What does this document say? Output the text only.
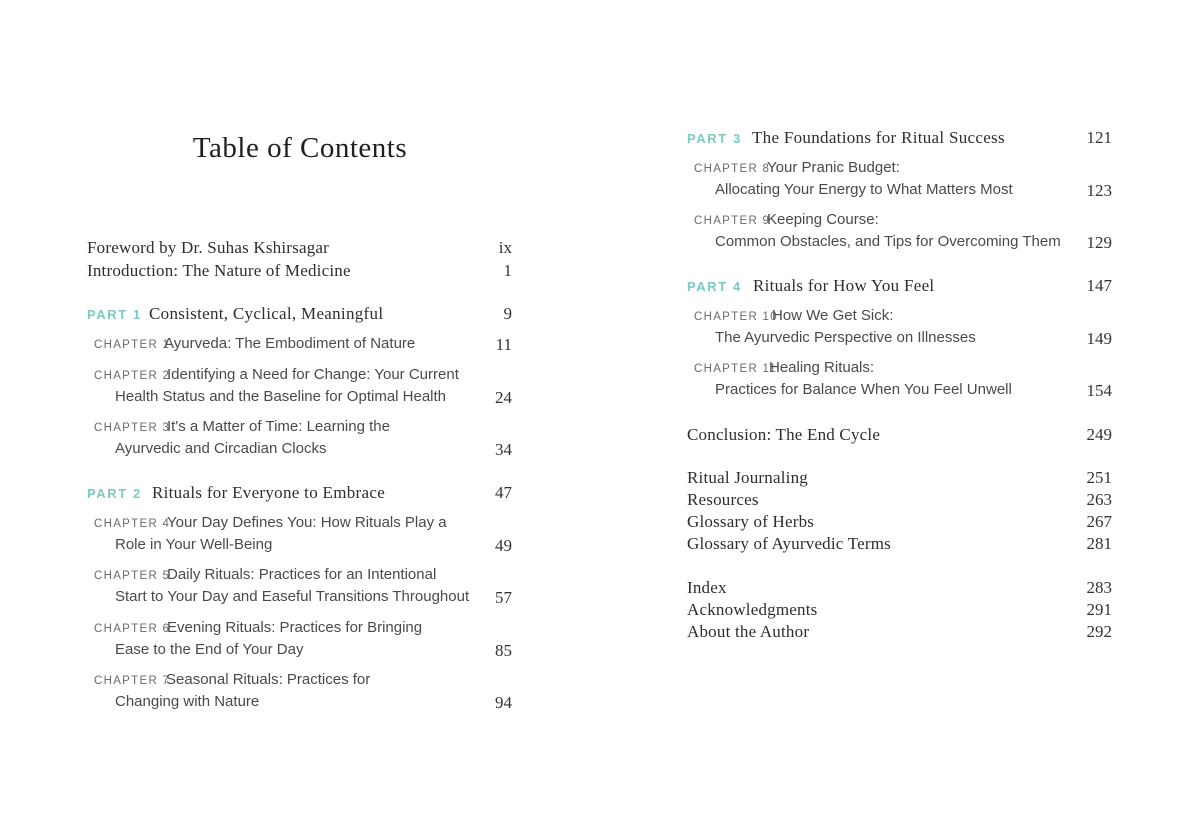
Table of Contents
Foreword by Dr. Suhas Kshirsagar	ix
Introduction: The Nature of Medicine	1
PART 1 Consistent, Cyclical, Meaningful	9
CHAPTER 1Ayurveda: The Embodiment of Nature	11
CHAPTER 2Identifying a Need for Change: Your Current
Health Status and the Baseline for Optimal Health	24
CHAPTER 3It's a Matter of Time: Learning the
Ayurvedic and Circadian Clocks	34
PART 2 Rituals for Everyone to Embrace	47
CHAPTER 4Your Day Defines You: How Rituals Play a
Role in Your Well-Being	49
CHAPTER 5Daily Rituals: Practices for an Intentional
Start to Your Day and Easeful Transitions Throughout	57
CHAPTER 6Evening Rituals: Practices for Bringing
Ease to the End of Your Day	85
CHAPTER 7Seasonal Rituals: Practices for
Changing with Nature	94
PART 3 The Foundations for Ritual Success	121
CHAPTER 8Your Pranic Budget:
Allocating Your Energy to What Matters Most	123
CHAPTER 9Keeping Course:
Common Obstacles, and Tips for Overcoming Them	129
PART 4 Rituals for How You Feel	147
CHAPTER 10How We Get Sick:
The Ayurvedic Perspective on Illnesses	149
CHAPTER 11Healing Rituals:
Practices for Balance When You Feel Unwell	154
Conclusion: The End Cycle	249
Ritual Journaling	251
Resources	263
Glossary of Herbs	267
Glossary of Ayurvedic Terms	281
Index	283
Acknowledgments	291
About the Author	292
